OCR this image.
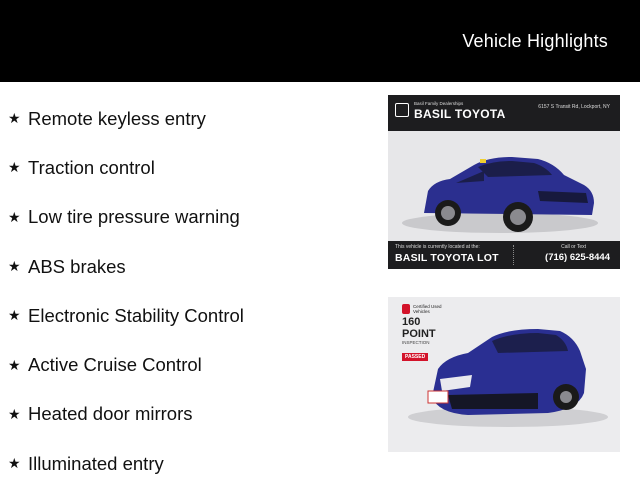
Vehicle Highlights
★ Remote keyless entry
★ Traction control
★ Low tire pressure warning
★ ABS brakes
★ Electronic Stability Control
★ Active Cruise Control
★ Heated door mirrors
★ Illuminated entry
Basil Family Dealerships
BASIL TOYOTA	6157 S Transit Rd, Lockport, NY
This vehicle is currently located at the:
BASIL TOYOTA LOT
Call or Text
(716) 625-8444
Certified Used Vehicles
160 POINT
INSPECTION
PASSED
